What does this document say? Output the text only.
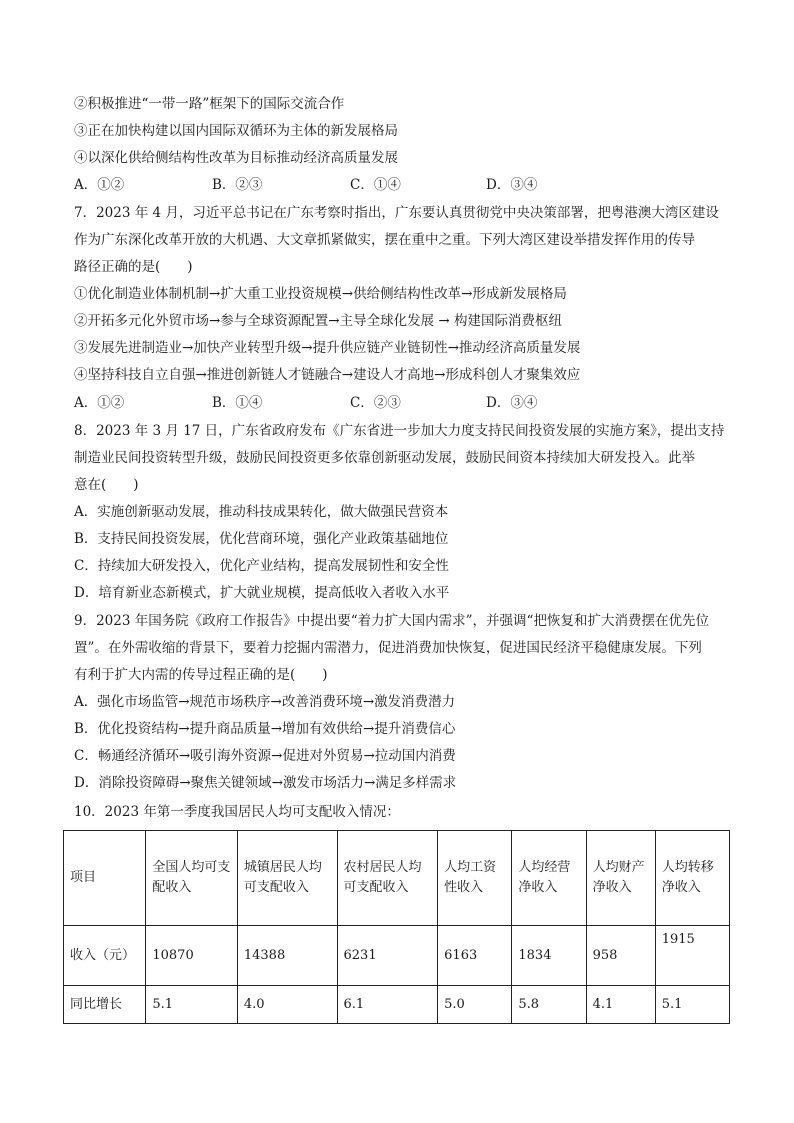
②积极推进“一带一路”框架下的国际交流合作
③正在加快构建以国内国际双循环为主体的新发展格局
④以深化供给侧结构性改革为目标推动经济高质量发展
A．①②	B．②③	C．①④	D．③④
7．2023 年 4 月，习近平总书记在广东考察时指出，广东要认真贯彻党中央决策部署，把粤港澳大湾区建设
作为广东深化改革开放的大机遇、大文章抓紧做实，摆在重中之重。下列大湾区建设举措发挥作用的传导
路径正确的是(　　)
①优化制造业体制机制→扩大重工业投资规模→供给侧结构性改革→形成新发展格局
②开拓多元化外贸市场→参与全球资源配置→主导全球化发展 → 构建国际消费枢纽
③发展先进制造业→加快产业转型升级→提升供应链产业链韧性→推动经济高质量发展
④坚持科技自立自强→推进创新链人才链融合→建设人才高地→形成科创人才聚集效应
A．①②	B．①④	C．②③	D．③④
8．2023 年 3 月 17 日，广东省政府发布《广东省进一步加大力度支持民间投资发展的实施方案》，提出支持
制造业民间投资转型升级，鼓励民间投资更多依靠创新驱动发展，鼓励民间资本持续加大研发投入。此举
意在(　　)
A．实施创新驱动发展，推动科技成果转化，做大做强民营资本
B．支持民间投资发展，优化营商环境，强化产业政策基础地位
C．持续加大研发投入，优化产业结构，提高发展韧性和安全性
D．培育新业态新模式，扩大就业规模，提高低收入者收入水平
9．2023 年国务院《政府工作报告》中提出要“着力扩大国内需求”，并强调“把恢复和扩大消费摆在优先位
置”。在外需收缩的背景下，要着力挖掘内需潜力，促进消费加快恢复，促进国民经济平稳健康发展。下列
有利于扩大内需的传导过程正确的是(　　)
A．强化市场监管→规范市场秩序→改善消费环境→激发消费潜力
B．优化投资结构→提升商品质量→增加有效供给→提升消费信心
C．畅通经济循环→吸引海外资源→促进对外贸易→拉动国内消费
D．消除投资障碍→聚焦关键领域→激发市场活力→满足多样需求
10．2023 年第一季度我国居民人均可支配收入情况：
项目	全国人均可支配收入	城镇居民人均可支配收入	农村居民人均可支配收入	人均工资性收入	人均经营净收入	人均财产净收入	人均转移净收入
收入（元）	10870	14388	6231	6163	1834	958	1915
同比增长	5.1	4.0	6.1	5.0	5.8	4.1	5.1
